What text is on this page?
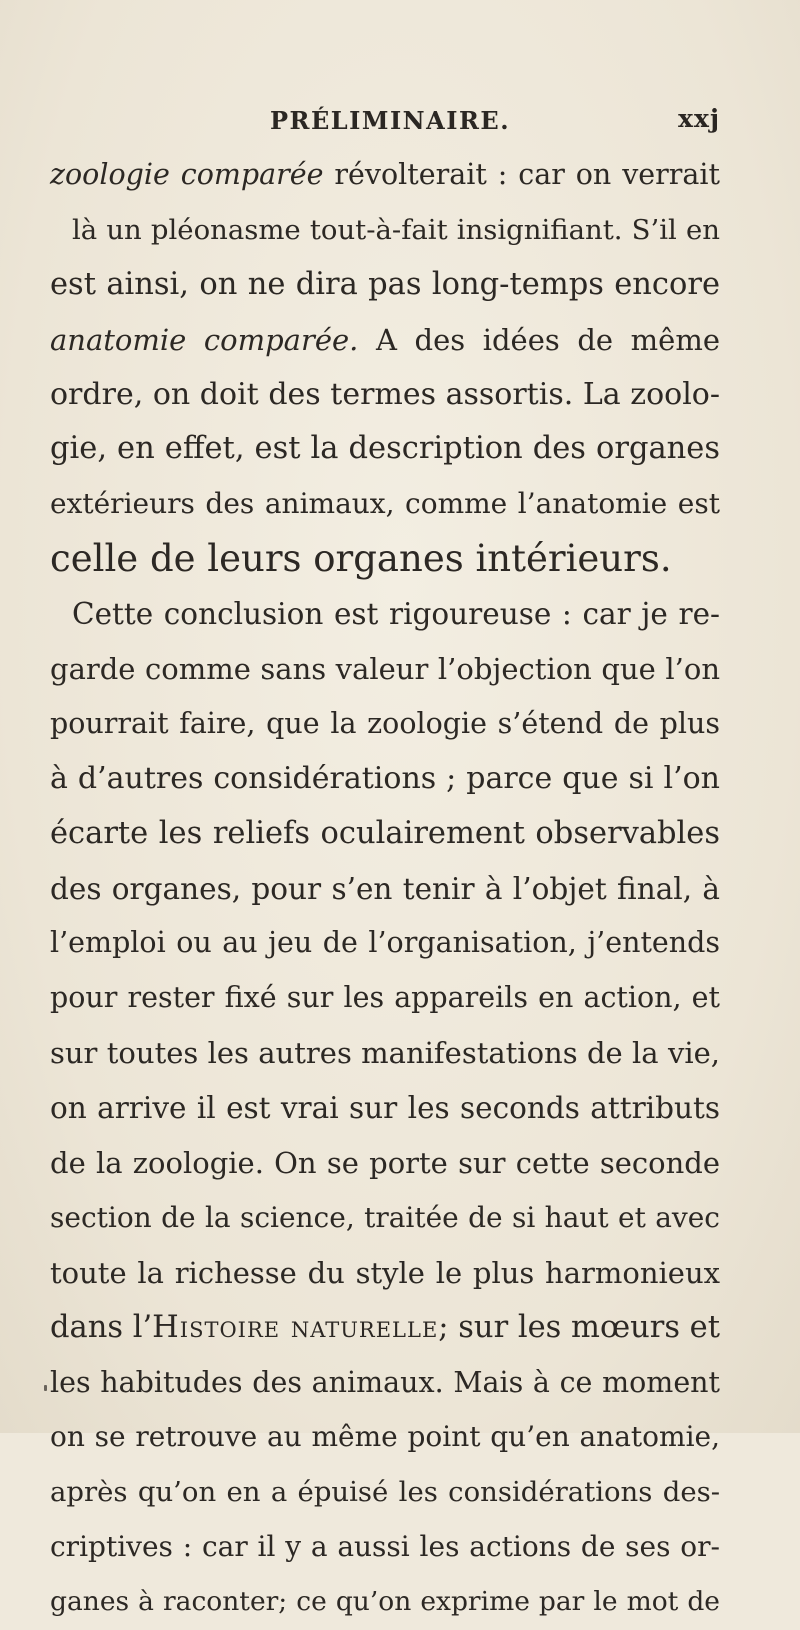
PRÉLIMINAIRE.	xxj
zoologie comparée révolterait : car on verrait
là un pléonasme tout-à-fait insignifiant. S’il en
est ainsi, on ne dira pas long-temps encore
anatomie comparée. A des idées de même
ordre, on doit des termes assortis. La zoolo-
gie, en effet, est la description des organes
extérieurs des animaux, comme l’anatomie est
celle de leurs organes intérieurs.
Cette conclusion est rigoureuse : car je re-
garde comme sans valeur l’objection que l’on
pourrait faire, que la zoologie s’étend de plus
à d’autres considérations ; parce que si l’on
écarte les reliefs oculairement observables
des organes, pour s’en tenir à l’objet final, à
l’emploi ou au jeu de l’organisation, j’entends
pour rester fixé sur les appareils en action, et
sur toutes les autres manifestations de la vie,
on arrive il est vrai sur les seconds attributs
de la zoologie. On se porte sur cette seconde
section de la science, traitée de si haut et avec
toute la richesse du style le plus harmonieux
dans l’Histoire naturelle; sur les mœurs et
les habitudes des animaux. Mais à ce moment
on se retrouve au même point qu’en anatomie,
après qu’on en a épuisé les considérations des-
criptives : car il y a aussi les actions de ses or-
ganes à raconter; ce qu’on exprime par le mot de
